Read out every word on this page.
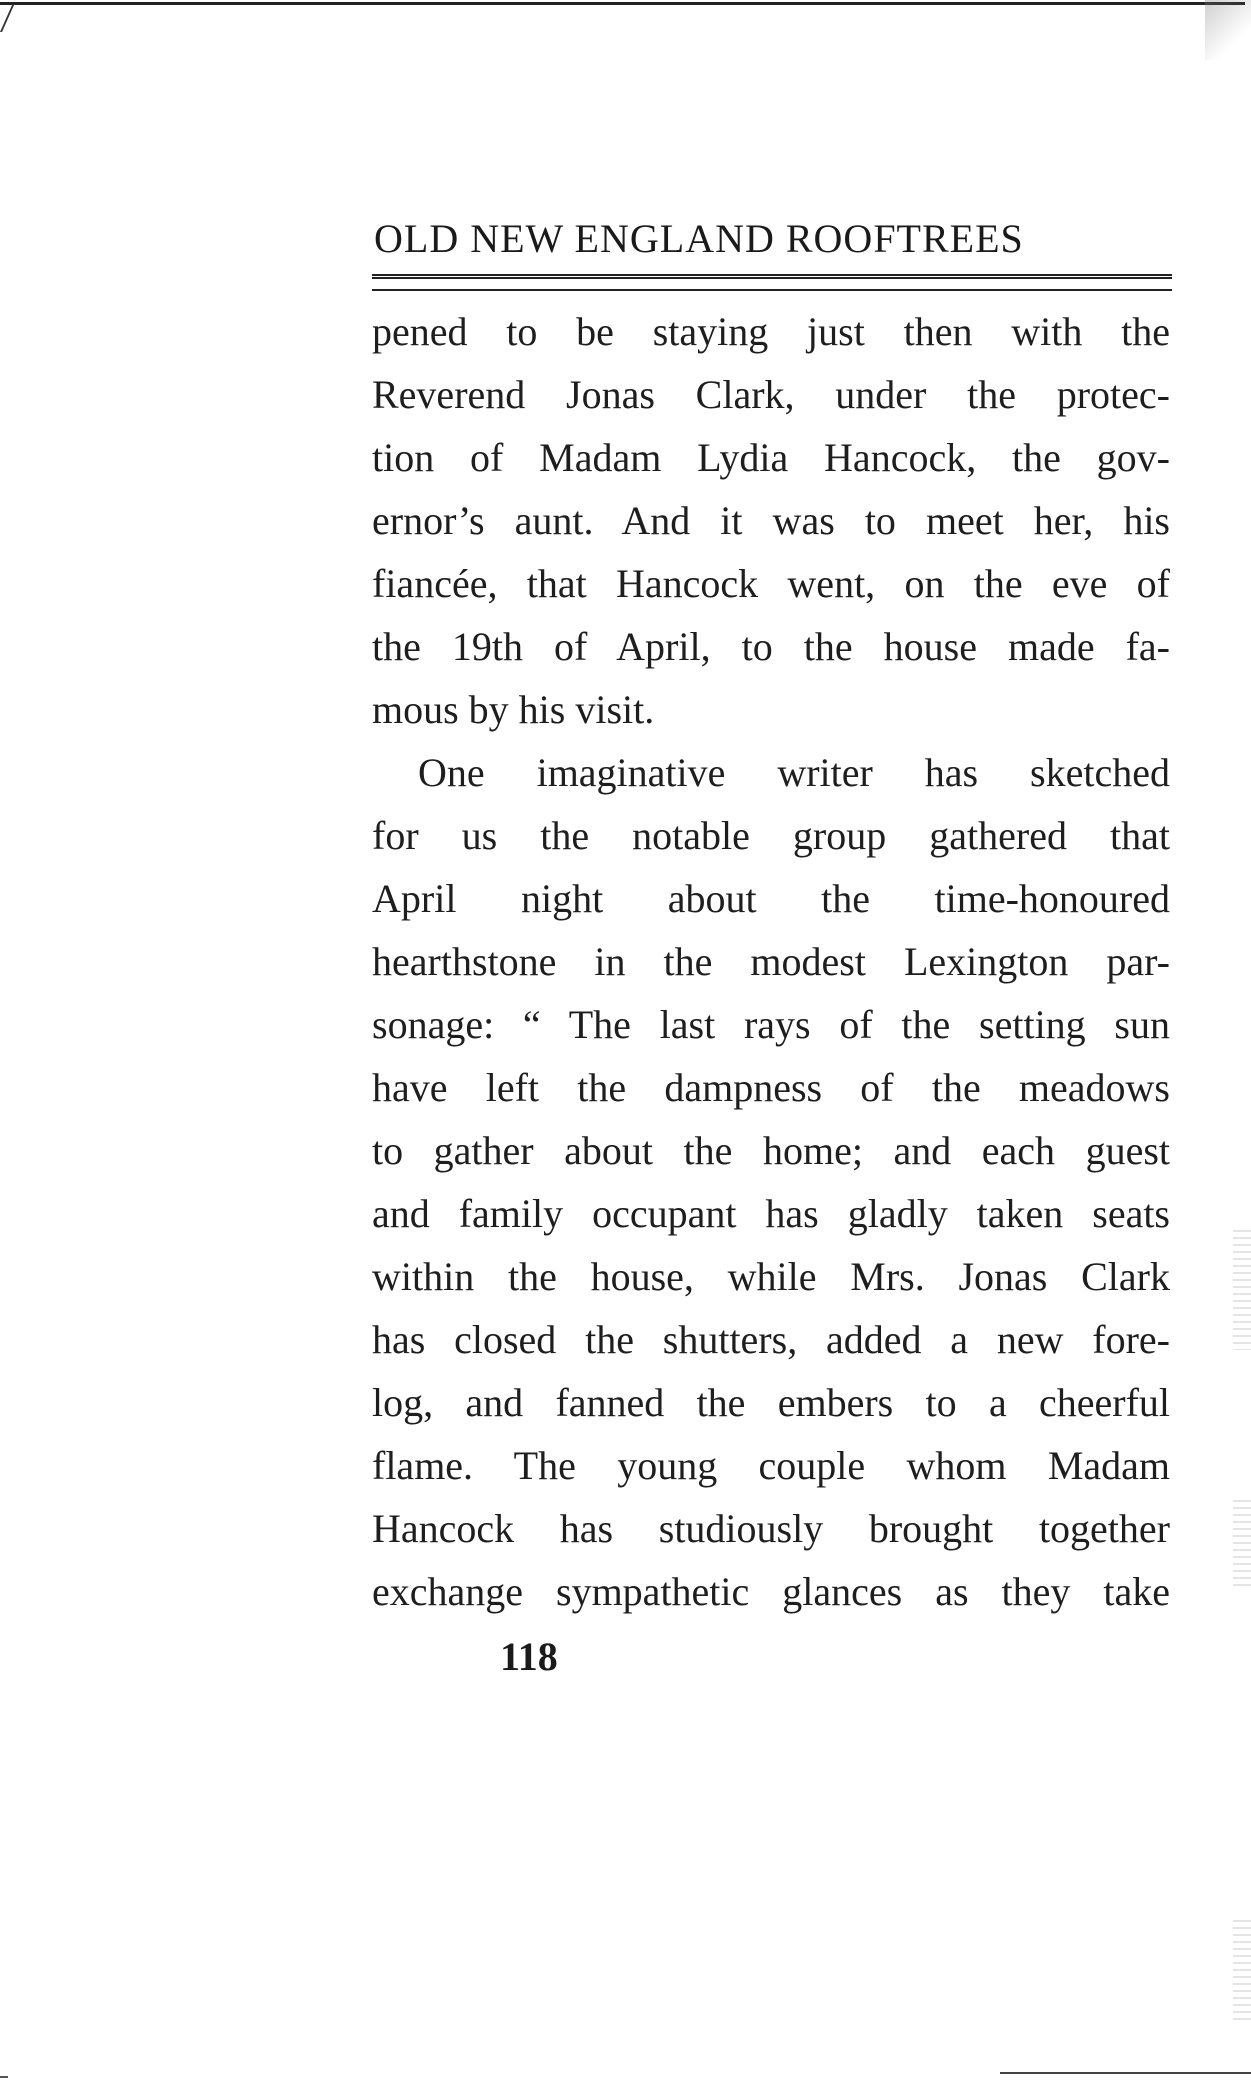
OLD NEW ENGLAND ROOFTREES
pened to be staying just then with the
Reverend Jonas Clark, under the protec-
tion of Madam Lydia Hancock, the gov-
ernor’s aunt. And it was to meet her, his
fiancée, that Hancock went, on the eve of
the 19th of April, to the house made fa-
mous by his visit.
One imaginative writer has sketched
for us the notable group gathered that
April night about the time-honoured
hearthstone in the modest Lexington par-
sonage: “ The last rays of the setting sun
have left the dampness of the meadows
to gather about the home; and each guest
and family occupant has gladly taken seats
within the house, while Mrs. Jonas Clark
has closed the shutters, added a new fore-
log, and fanned the embers to a cheerful
flame. The young couple whom Madam
Hancock has studiously brought together
exchange sympathetic glances as they take
118
